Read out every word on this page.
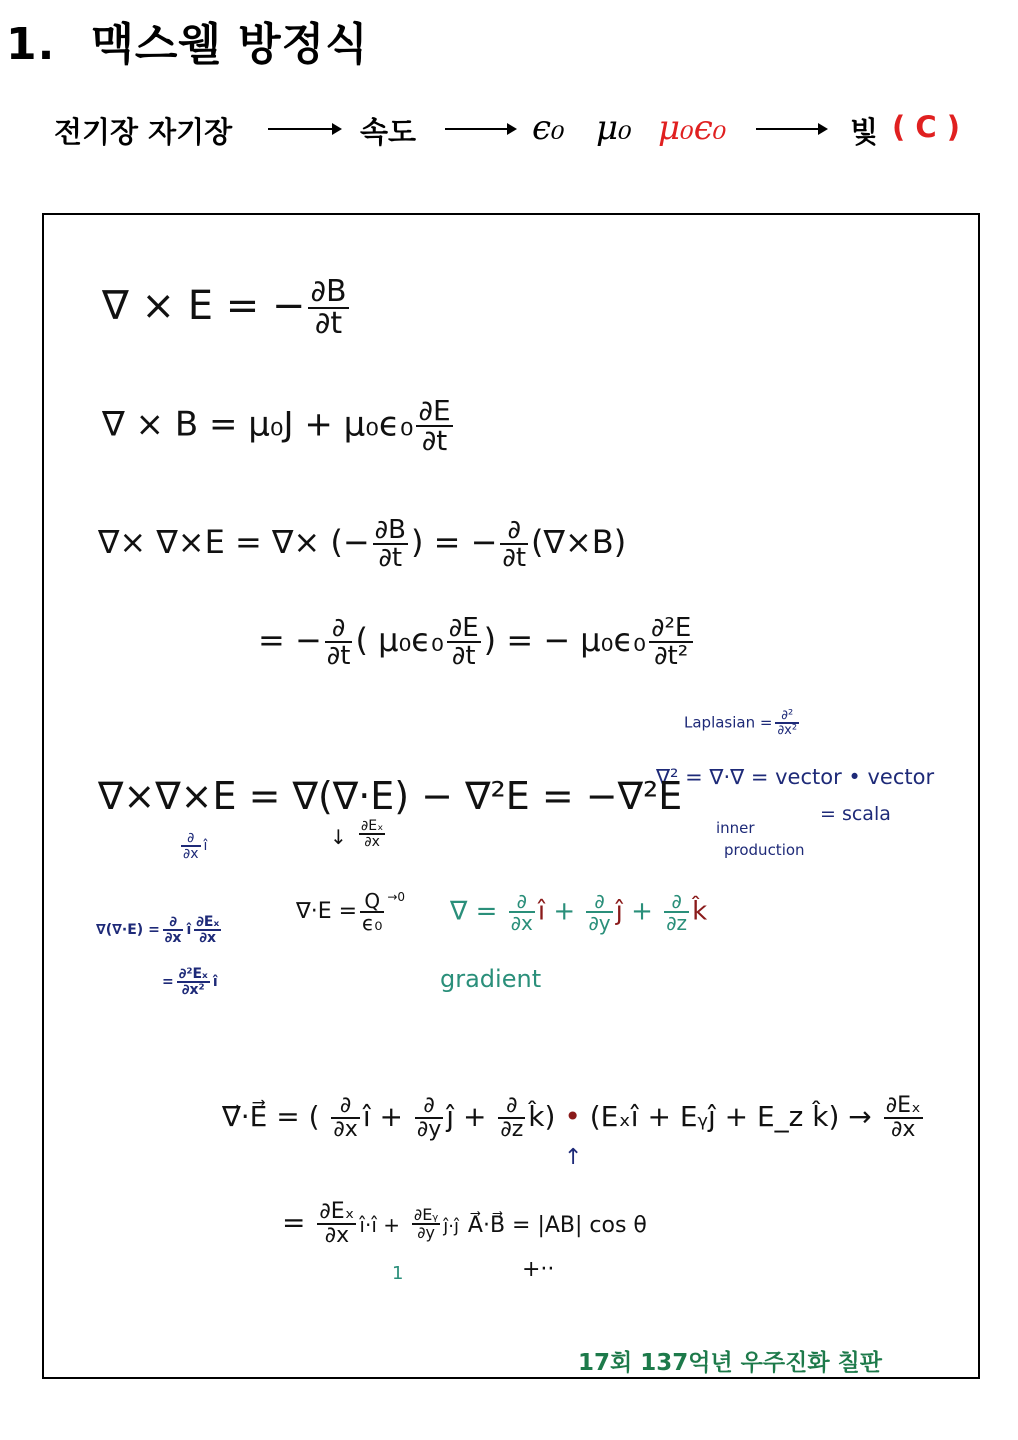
1. 맥스웰 방정식
전기장 자기장	속도	ϵ₀ μ₀ μ₀ϵ₀	빛 ( C )
∇ × E = − $\frac{\partial B}{\partial t}$
∇ × $B = \mu_0J + \mu_0\epsilon_0 \frac{\partial E}{\partial t}$
∇× ∇×E = ∇× (− $\frac{\partial B}{\partial t}$ ) = − $\frac{\partial}{\partial t} (\nabla\times B)$
= − $\frac{\partial}{\partial t}$ ( $\mu_0\epsilon_0 \frac{\partial E}{\partial t}$ ) = − $\mu_0\epsilon_0 \frac{\text{∂²E}}{\text{∂t²}}$
Laplasian = $\frac{\text{∂²}}{\text{∂x²}}$
∇² = ∇·∇ = vector • vector
= scala
inner
production
∇×∇×E = ∇(∇·E) − ∇²E = −∇²E
$\frac{\partial}{\partial x}$ î	↓ $\frac{\text{∂Eₓ}}{\partial x}$
$\nabla\cdot E = \frac{Q}{\text{ϵ₀}} ^{\to 0}$ ∇ = $\frac{\partial}{\partial x}$ î + $\frac{\partial}{\partial y}$ ĵ + $\frac{\partial}{\partial z}$ k̂
gradient
$\nabla(\nabla\cdot E) = \frac{\partial}{\partial x}$ î $\frac{\text{∂Eₓ}}{\partial x}$
= $\frac{\text{∂²Eₓ}}{\text{∂x²}}$ î
∇⃗·E⃗ = ( $\frac{\partial}{\partial x}$ î + $\frac{\partial}{\partial y}$ ĵ + $\frac{\partial}{\partial z}$ k̂) • (Eₓî + Eᵧĵ + E_z k̂) → $\frac{\text{∂Eₓ}}{\partial x}$
↑
= $\frac{\text{∂Eₓ}}{\partial x}$ î·î + $\frac{\text{∂Eᵧ}}{\partial y}$ ĵ·ĵ A⃗·B⃗ = |AB| cos θ
1	+··
17회 137억년 우주진화 칠판
